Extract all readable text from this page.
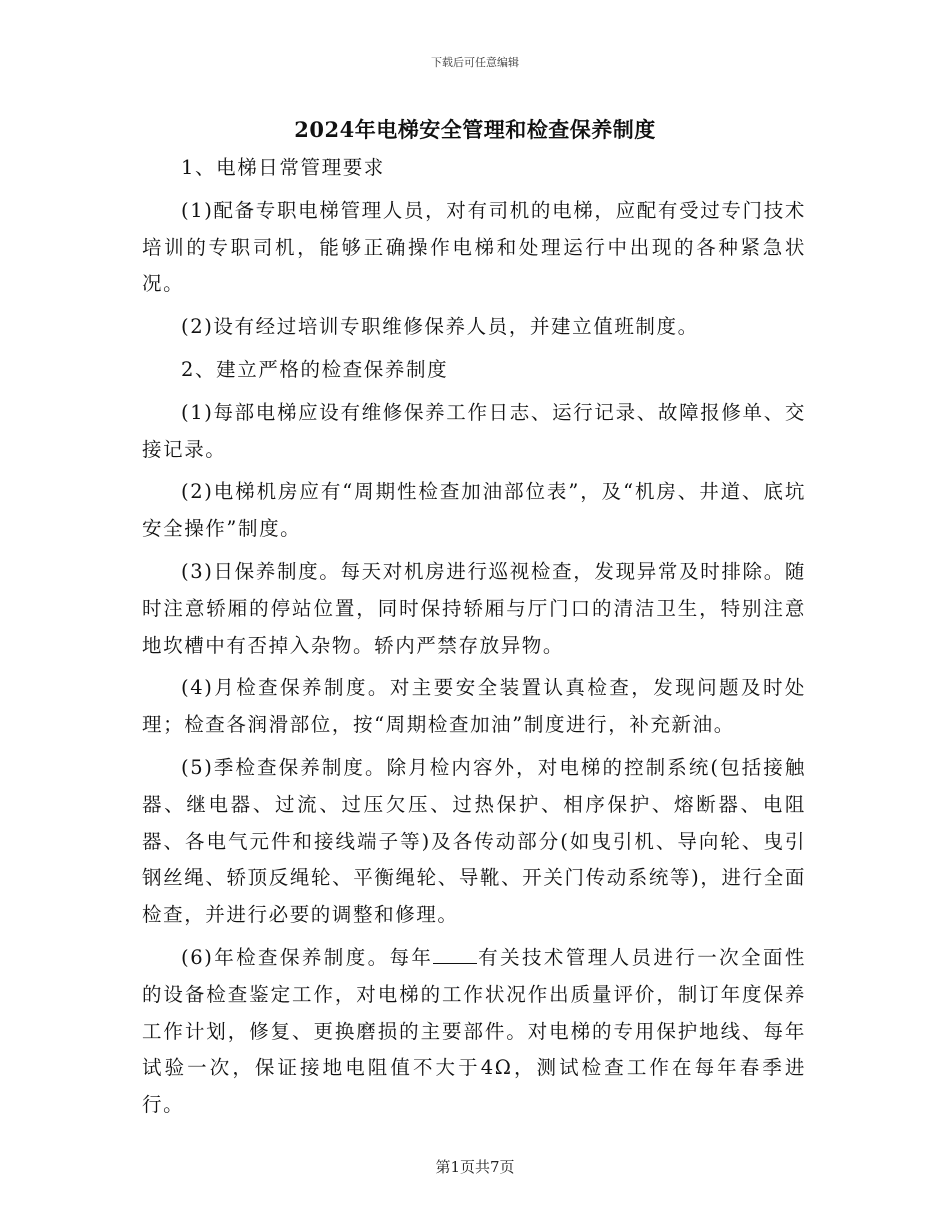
下载后可任意编辑
2024年电梯安全管理和检查保养制度

1、电梯日常管理要求

(1)配备专职电梯管理人员，对有司机的电梯，应配有受过专门技术培训的专职司机，能够正确操作电梯和处理运行中出现的各种紧急状况。

(2)设有经过培训专职维修保养人员，并建立值班制度。

2、建立严格的检查保养制度

(1)每部电梯应设有维修保养工作日志、运行记录、故障报修单、交接记录。

(2)电梯机房应有“周期性检查加油部位表”，及“机房、井道、底坑安全操作”制度。

(3)日保养制度。每天对机房进行巡视检查，发现异常及时排除。随时注意轿厢的停站位置，同时保持轿厢与厅门口的清洁卫生，特别注意地坎槽中有否掉入杂物。轿内严禁存放异物。

(4)月检查保养制度。对主要安全装置认真检查，发现问题及时处理；检查各润滑部位，按“周期检查加油”制度进行，补充新油。

(5)季检查保养制度。除月检内容外，对电梯的控制系统(包括接触器、继电器、过流、过压欠压、过热保护、相序保护、熔断器、电阻器、各电气元件和接线端子等)及各传动部分(如曳引机、导向轮、曳引钢丝绳、轿顶反绳轮、平衡绳轮、导靴、开关门传动系统等)，进行全面检查，并进行必要的调整和修理。

(6)年检查保养制度。每年 有关技术管理人员进行一次全面性的设备检查鉴定工作，对电梯的工作状况作出质量评价，制订年度保养工作计划，修复、更换磨损的主要部件。对电梯的专用保护地线、每年试验一次，保证接地电阻值不大于4Ω，测试检查工作在每年春季进行。

第1页共7页
